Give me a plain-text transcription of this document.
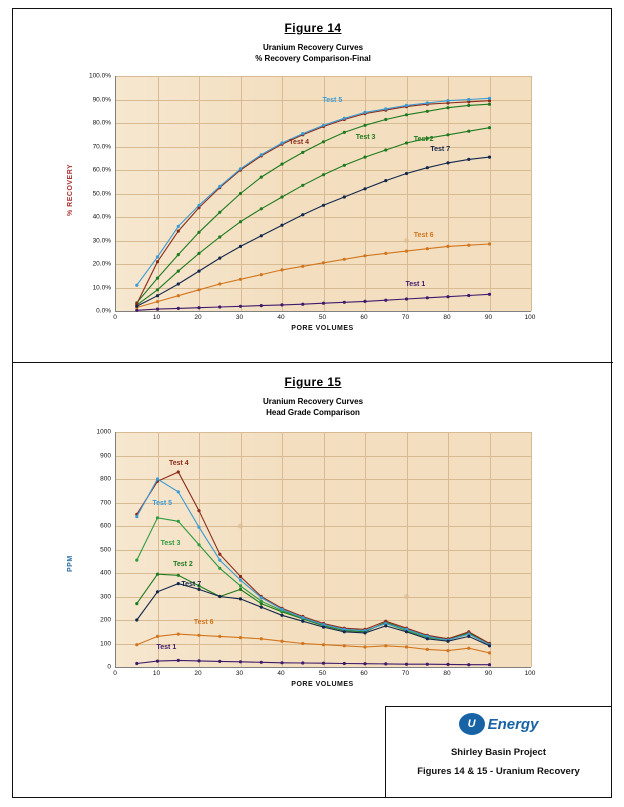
Figure 14
Uranium Recovery Curves
% Recovery Comparison-Final
0	10	20	30	40	50	60	70	80	90	100
0.0%
10.0%
20.0%
30.0%
40.0%
50.0%
60.0%
70.0%
80.0%
90.0%
100.0%
PORE VOLUMES
% RECOVERY
Test 1
Test 2
Test 3
Test 4
Test 5
Test 6
Test 7
Figure 15
Uranium Recovery Curves
Head Grade Comparison
0	10	20	30	40	50	60	70	80	90	100
0
100
200
300
400
500
600
700
800
900
1000
PORE VOLUMES
PPM
Test 1
Test 2
Test 3
Test 4
Test 5
Test 6
Test 7
U Energy
Shirley Basin Project
Figures 14 & 15 - Uranium Recovery
